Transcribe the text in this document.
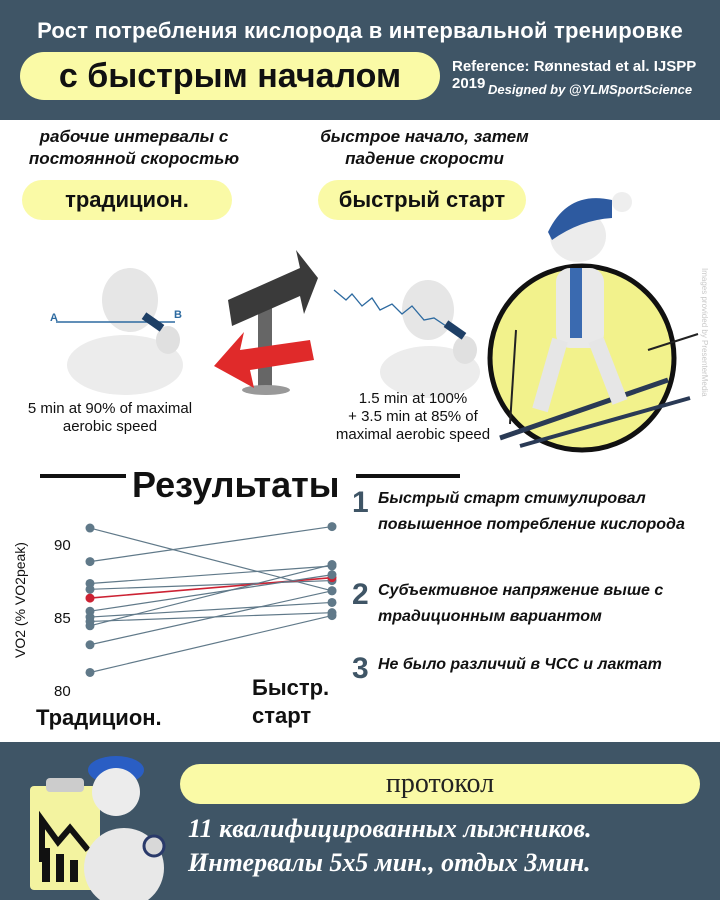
Рост потребления кислорода в интервальной тренировке
с быстрым началом	Reference: Rønnestad et al. IJSPP 2019 Designed by @YLMSportScience
рабочие интервалы с постоянной скоростью
быстрое начало, затем падение скорости
традицион.	быстрый старт
A	B
5 min at 90% of maximal aerobic speed
1.5 min at 100%
+ 3.5 min at 85% of
maximal aerobic speed
Images provided by PresenterMedia
Результаты
VO2 (% VO2peak)
80
85
90
Традицион.
Быстр. старт
1 Быстрый старт стимулировал повышенное потребление кислорода
2 Субъективное напряжение выше с традиционным вариантом
3 Не было различий в ЧСС и лактат
протокол
11 квалифицированных лыжников.
Интервалы 5х5 мин., отдых 3мин.
